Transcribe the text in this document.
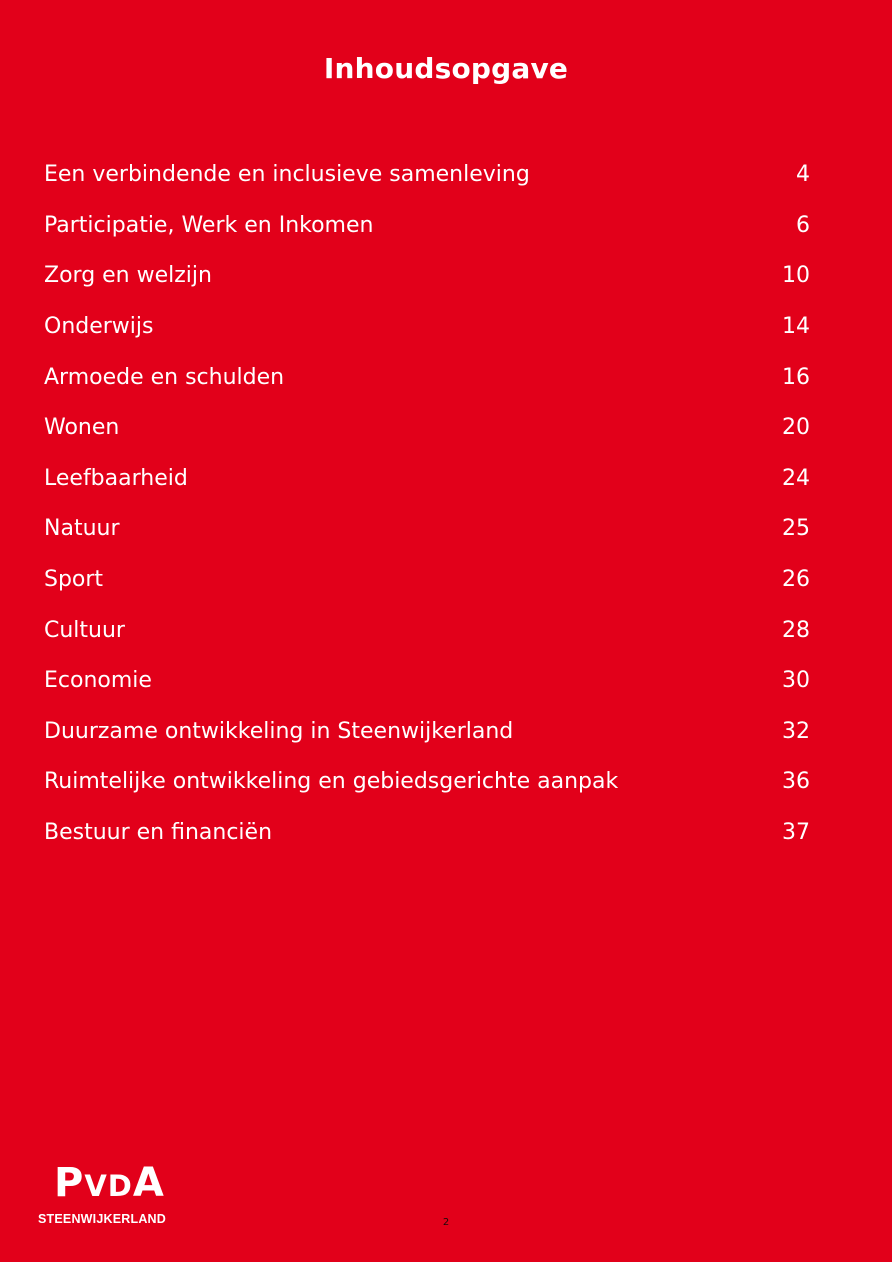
Inhoudsopgave
Een verbindende en inclusieve samenleving	4
Participatie, Werk en Inkomen	6
Zorg en welzijn	10
Onderwijs	14
Armoede en schulden	16
Wonen	20
Leefbaarheid	24
Natuur	25
Sport	26
Cultuur	28
Economie	30
Duurzame ontwikkeling in Steenwijkerland	32
Ruimtelijke ontwikkeling en gebiedsgerichte aanpak	36
Bestuur en financiën	37
PVDA
STEENWIJKERLAND	2
